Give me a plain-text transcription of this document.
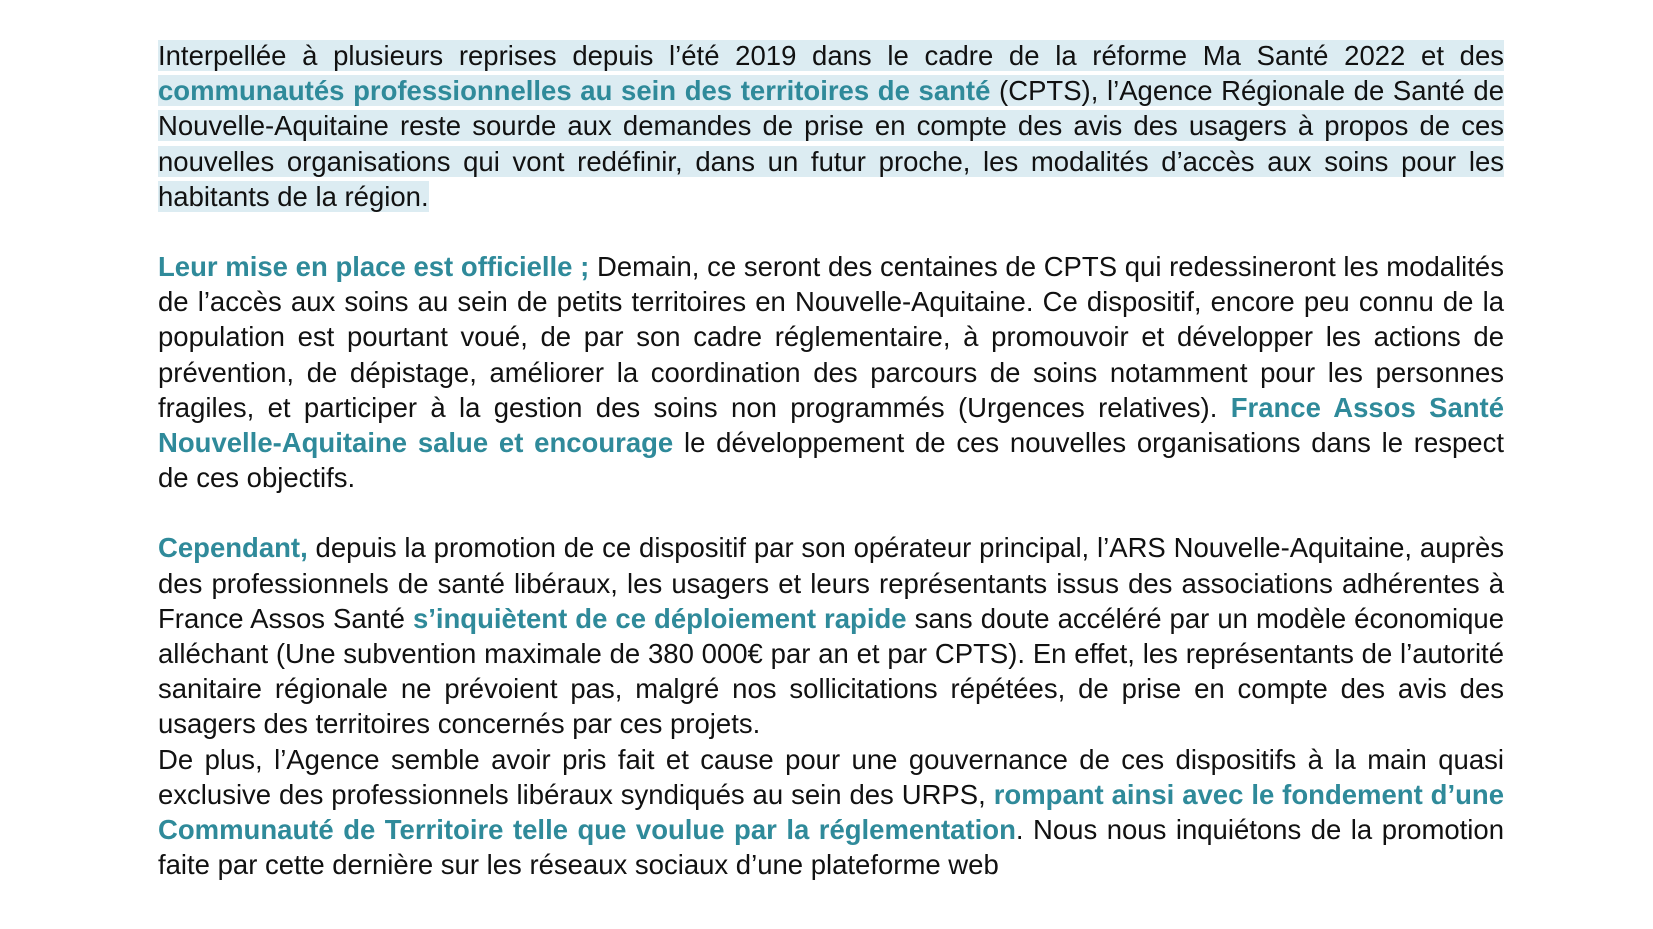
Interpellée à plusieurs reprises depuis l’été 2019 dans le cadre de la réforme Ma Santé 2022 et des communautés professionnelles au sein des territoires de santé (CPTS), l’Agence Régionale de Santé de Nouvelle-Aquitaine reste sourde aux demandes de prise en compte des avis des usagers à propos de ces nouvelles organisations qui vont redéfinir, dans un futur proche, les modalités d’accès aux soins pour les habitants de la région.

Leur mise en place est officielle ; Demain, ce seront des centaines de CPTS qui redessineront les modalités de l’accès aux soins au sein de petits territoires en Nouvelle-Aquitaine. Ce dispositif, encore peu connu de la population est pourtant voué, de par son cadre réglementaire, à promouvoir et développer les actions de prévention, de dépistage, améliorer la coordination des parcours de soins notamment pour les personnes fragiles, et participer à la gestion des soins non programmés (Urgences relatives). France Assos Santé Nouvelle-Aquitaine salue et encourage le développement de ces nouvelles organisations dans le respect de ces objectifs.

Cependant, depuis la promotion de ce dispositif par son opérateur principal, l’ARS Nouvelle-Aquitaine, auprès des professionnels de santé libéraux, les usagers et leurs représentants issus des associations adhérentes à France Assos Santé s’inquiètent de ce déploiement rapide sans doute accéléré par un modèle économique alléchant (Une subvention maximale de 380 000€ par an et par CPTS). En effet, les représentants de l’autorité sanitaire régionale ne prévoient pas, malgré nos sollicitations répétées, de prise en compte des avis des usagers des territoires concernés par ces projets.

De plus, l’Agence semble avoir pris fait et cause pour une gouvernance de ces dispositifs à la main quasi exclusive des professionnels libéraux syndiqués au sein des URPS, rompant ainsi avec le fondement d’une Communauté de Territoire telle que voulue par la réglementation. Nous nous inquiétons de la promotion faite par cette dernière sur les réseaux sociaux d’une plateforme web
